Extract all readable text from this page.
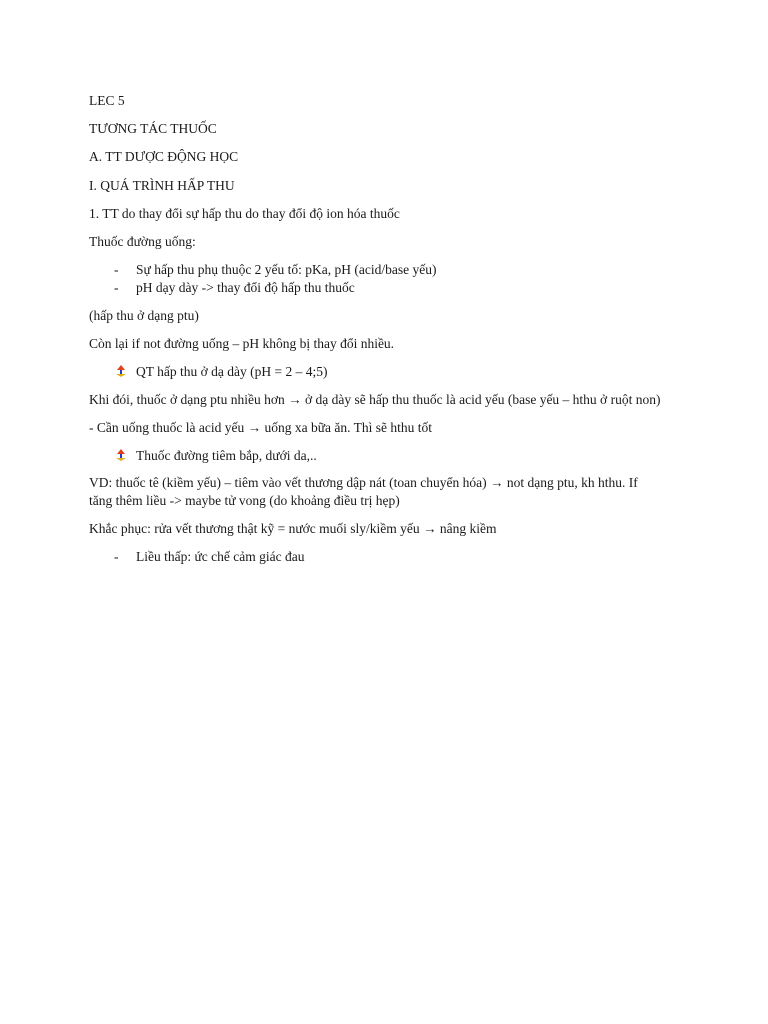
LEC 5
TƯƠNG TÁC THUỐC
A. TT DƯỢC ĐỘNG HỌC
I. QUÁ TRÌNH HẤP THU
1. TT do thay đổi sự hấp thu do thay đổi độ ion hóa thuốc
Thuốc đường uống:
- Sự hấp thu phụ thuộc 2 yếu tố: pKa, pH (acid/base yếu)
- pH dạy dày -> thay đổi độ hấp thu thuốc
(hấp thu ở dạng ptu)
Còn lại if not đường uống – pH không bị thay đổi nhiều.
QT hấp thu ở dạ dày (pH = 2 – 4;5)
Khi đói, thuốc ở dạng ptu nhiều hơn → ở dạ dày sẽ hấp thu thuốc là acid yếu (base yếu – hthu ở ruột non)
- Cần uống thuốc là acid yếu → uống xa bữa ăn. Thì sẽ hthu tốt
Thuốc đường tiêm bắp, dưới da,..
VD: thuốc tê (kiềm yếu) – tiêm vào vết thương dập nát (toan chuyển hóa) → not dạng ptu, kh hthu. If
tăng thêm liều -> maybe tử vong (do khoảng điều trị hẹp)
Khắc phục: rửa vết thương thật kỹ = nước muối sly/kiềm yếu → nâng kiềm
- Liều thấp: ức chế cảm giác đau
